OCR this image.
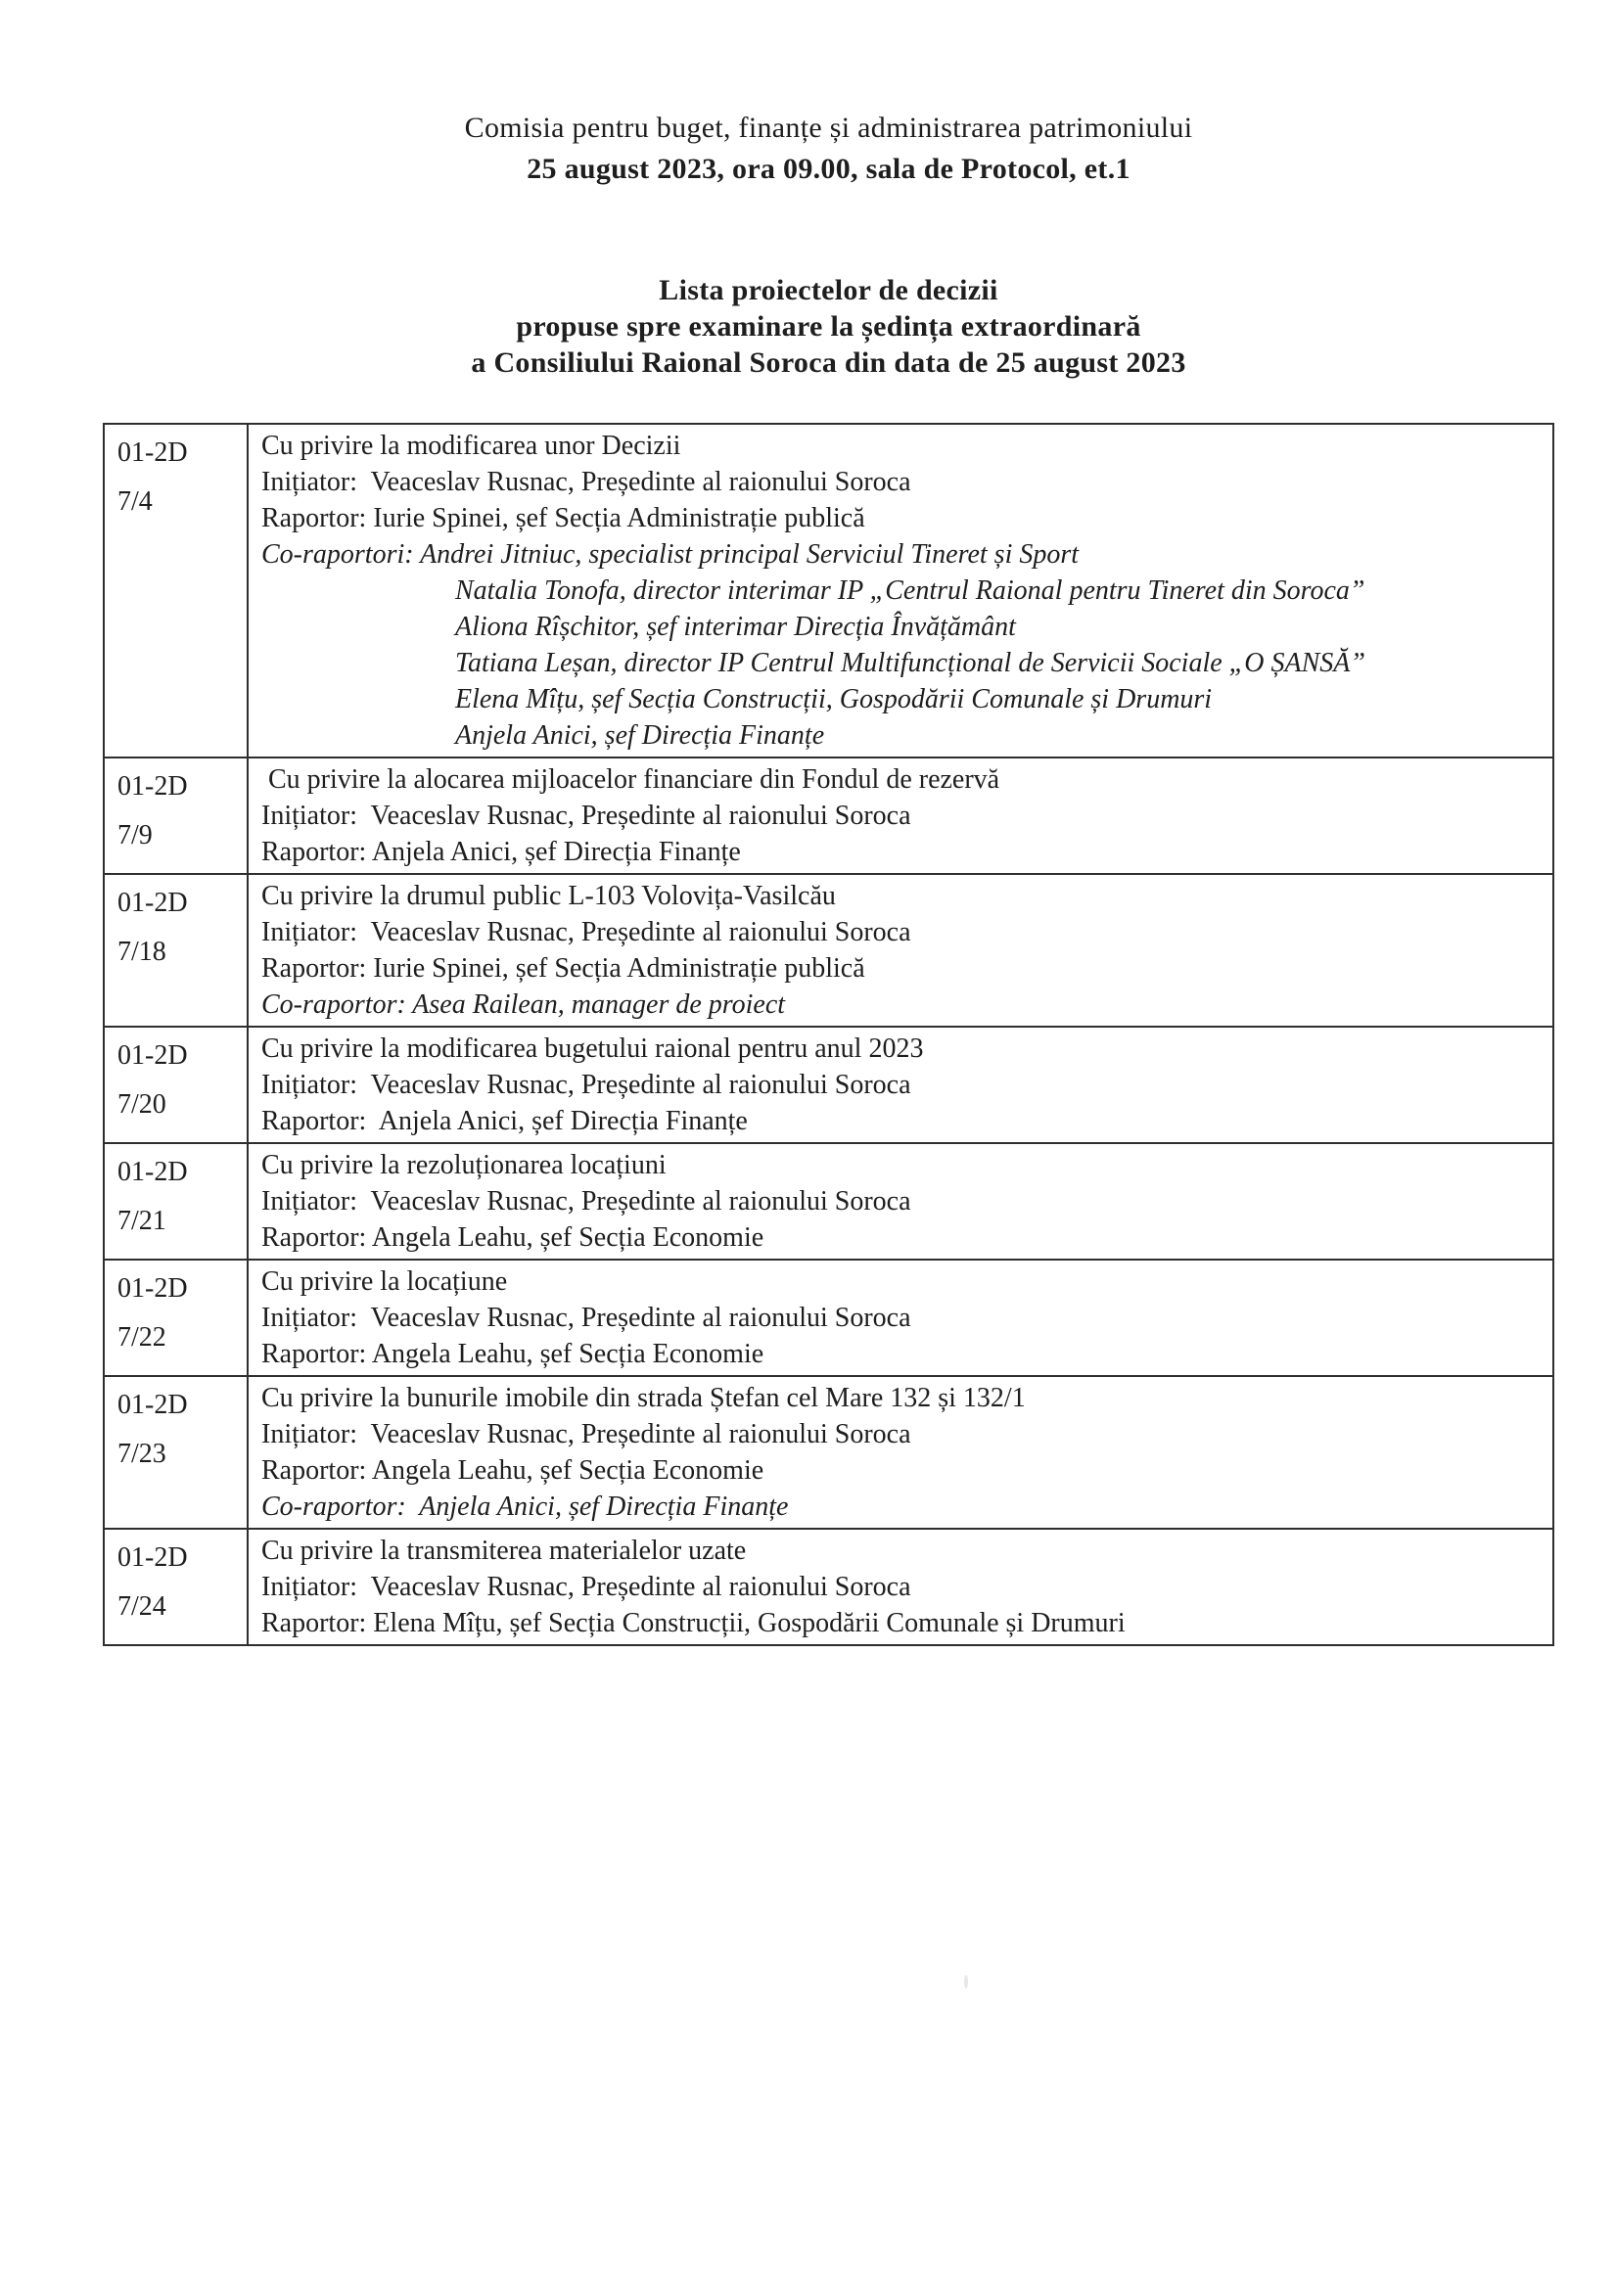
Comisia pentru buget, finanțe și administrarea patrimoniului
25 august 2023, ora 09.00, sala de Protocol, et.1
Lista proiectelor de decizii
propuse spre examinare la ședința extraordinară
a Consiliului Raional Soroca din data de 25 august 2023
01-2D
7/4

Cu privire la modificarea unor Decizii
Inițiator:  Veaceslav Rusnac, Președinte al raionului Soroca
Raportor: Iurie Spinei, șef Secția Administrație publică
Co-raportori: Andrei Jitniuc, specialist principal Serviciul Tineret și Sport
Natalia Tonofa, director interimar IP „Centrul Raional pentru Tineret din Soroca”
Aliona Rîșchitor, șef interimar Direcția Învățământ
Tatiana Leșan, director IP Centrul Multifuncțional de Servicii Sociale „O ȘANSĂ”
Elena Mîțu, șef Secția Construcții, Gospodării Comunale și Drumuri
Anjela Anici, șef Direcția Finanțe

01-2D
7/9

Cu privire la alocarea mijloacelor financiare din Fondul de rezervă
Inițiator:  Veaceslav Rusnac, Președinte al raionului Soroca
Raportor: Anjela Anici, șef Direcția Finanțe

01-2D
7/18

Cu privire la drumul public L-103 Volovița-Vasilcău
Inițiator:  Veaceslav Rusnac, Președinte al raionului Soroca
Raportor: Iurie Spinei, șef Secția Administrație publică
Co-raportor: Asea Railean, manager de proiect

01-2D
7/20

Cu privire la modificarea bugetului raional pentru anul 2023
Inițiator:  Veaceslav Rusnac, Președinte al raionului Soroca
Raportor:  Anjela Anici, șef Direcția Finanțe

01-2D
7/21

Cu privire la rezoluționarea locațiuni
Inițiator:  Veaceslav Rusnac, Președinte al raionului Soroca
Raportor: Angela Leahu, șef Secția Economie

01-2D
7/22

Cu privire la locațiune
Inițiator:  Veaceslav Rusnac, Președinte al raionului Soroca
Raportor: Angela Leahu, șef Secția Economie

01-2D
7/23

Cu privire la bunurile imobile din strada Ștefan cel Mare 132 și 132/1
Inițiator:  Veaceslav Rusnac, Președinte al raionului Soroca
Raportor: Angela Leahu, șef Secția Economie
Co-raportor:  Anjela Anici, șef Direcția Finanțe

01-2D
7/24

Cu privire la transmiterea materialelor uzate
Inițiator:  Veaceslav Rusnac, Președinte al raionului Soroca
Raportor: Elena Mîțu, șef Secția Construcții, Gospodării Comunale și Drumuri
